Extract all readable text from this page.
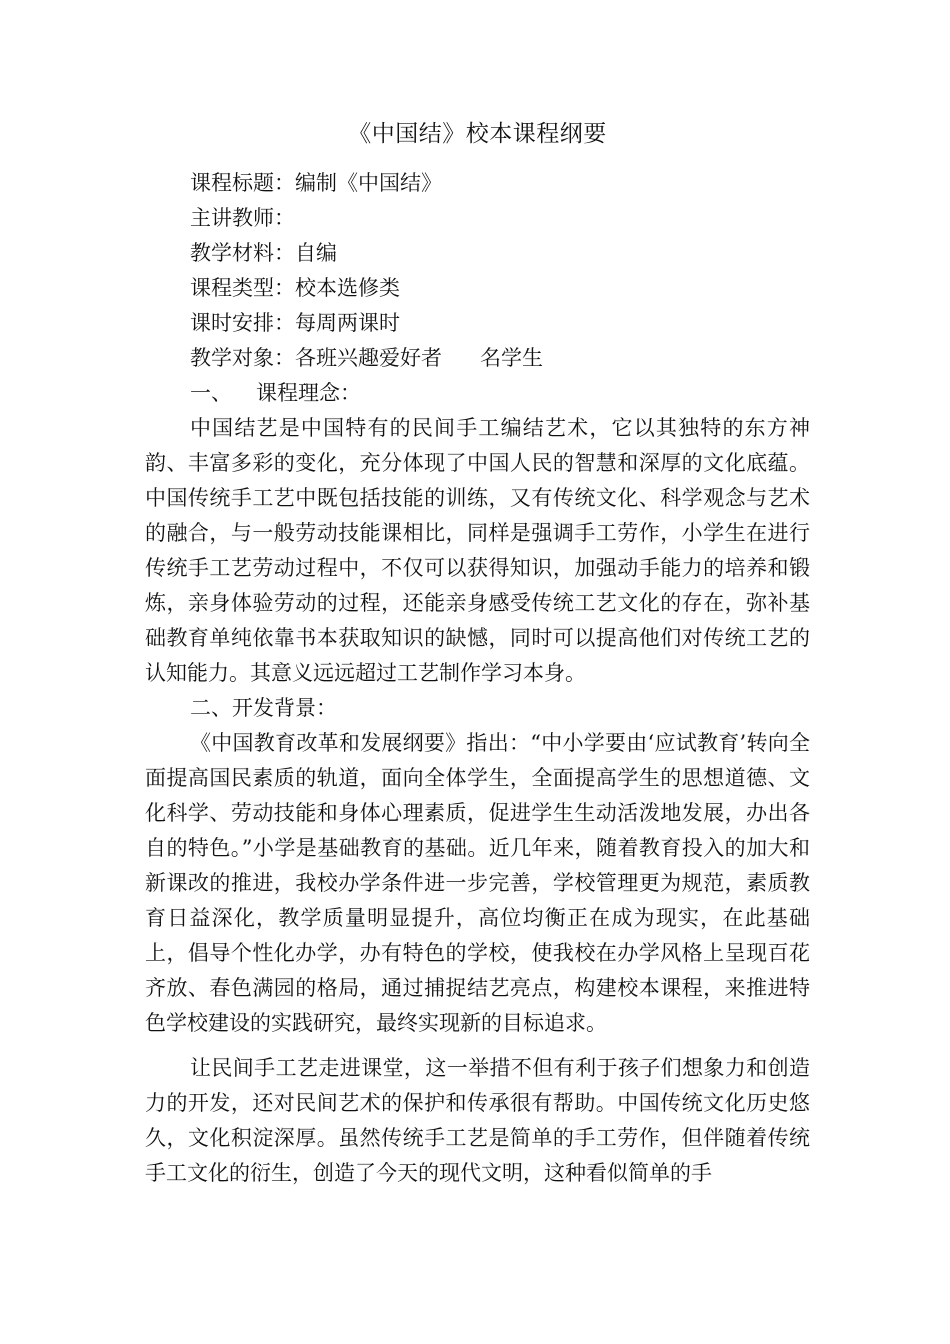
《中国结》校本课程纲要

课程标题：编制《中国结》

主讲教师：

教学材料：自编

课程类型：校本选修类

课时安排：每周两课时

教学对象：各班兴趣爱好者 名学生

一、 课程理念：

中国结艺是中国特有的民间手工编结艺术，它以其独特的东方神韵、丰富多彩的变化，充分体现了中国人民的智慧和深厚的文化底蕴。中国传统手工艺中既包括技能的训练，又有传统文化、科学观念与艺术的融合，与一般劳动技能课相比，同样是强调手工劳作，小学生在进行传统手工艺劳动过程中，不仅可以获得知识，加强动手能力的培养和锻炼，亲身体验劳动的过程，还能亲身感受传统工艺文化的存在，弥补基础教育单纯依靠书本获取知识的缺憾，同时可以提高他们对传统工艺的认知能力。其意义远远超过工艺制作学习本身。

二、开发背景：

《中国教育改革和发展纲要》指出：“中小学要由‘应试教育’转向全面提高国民素质的轨道，面向全体学生，全面提高学生的思想道德、文化科学、劳动技能和身体心理素质，促进学生生动活泼地发展，办出各自的特色。”小学是基础教育的基础。近几年来，随着教育投入的加大和新课改的推进，我校办学条件进一步完善，学校管理更为规范，素质教育日益深化，教学质量明显提升，高位均衡正在成为现实，在此基础上，倡导个性化办学，办有特色的学校，使我校在办学风格上呈现百花齐放、春色满园的格局，通过捕捉结艺亮点，构建校本课程，来推进特色学校建设的实践研究，最终实现新的目标追求。

让民间手工艺走进课堂，这一举措不但有利于孩子们想象力和创造力的开发，还对民间艺术的保护和传承很有帮助。中国传统文化历史悠久，文化积淀深厚。虽然传统手工艺是简单的手工劳作，但伴随着传统手工文化的衍生，创造了今天的现代文明，这种看似简单的手
